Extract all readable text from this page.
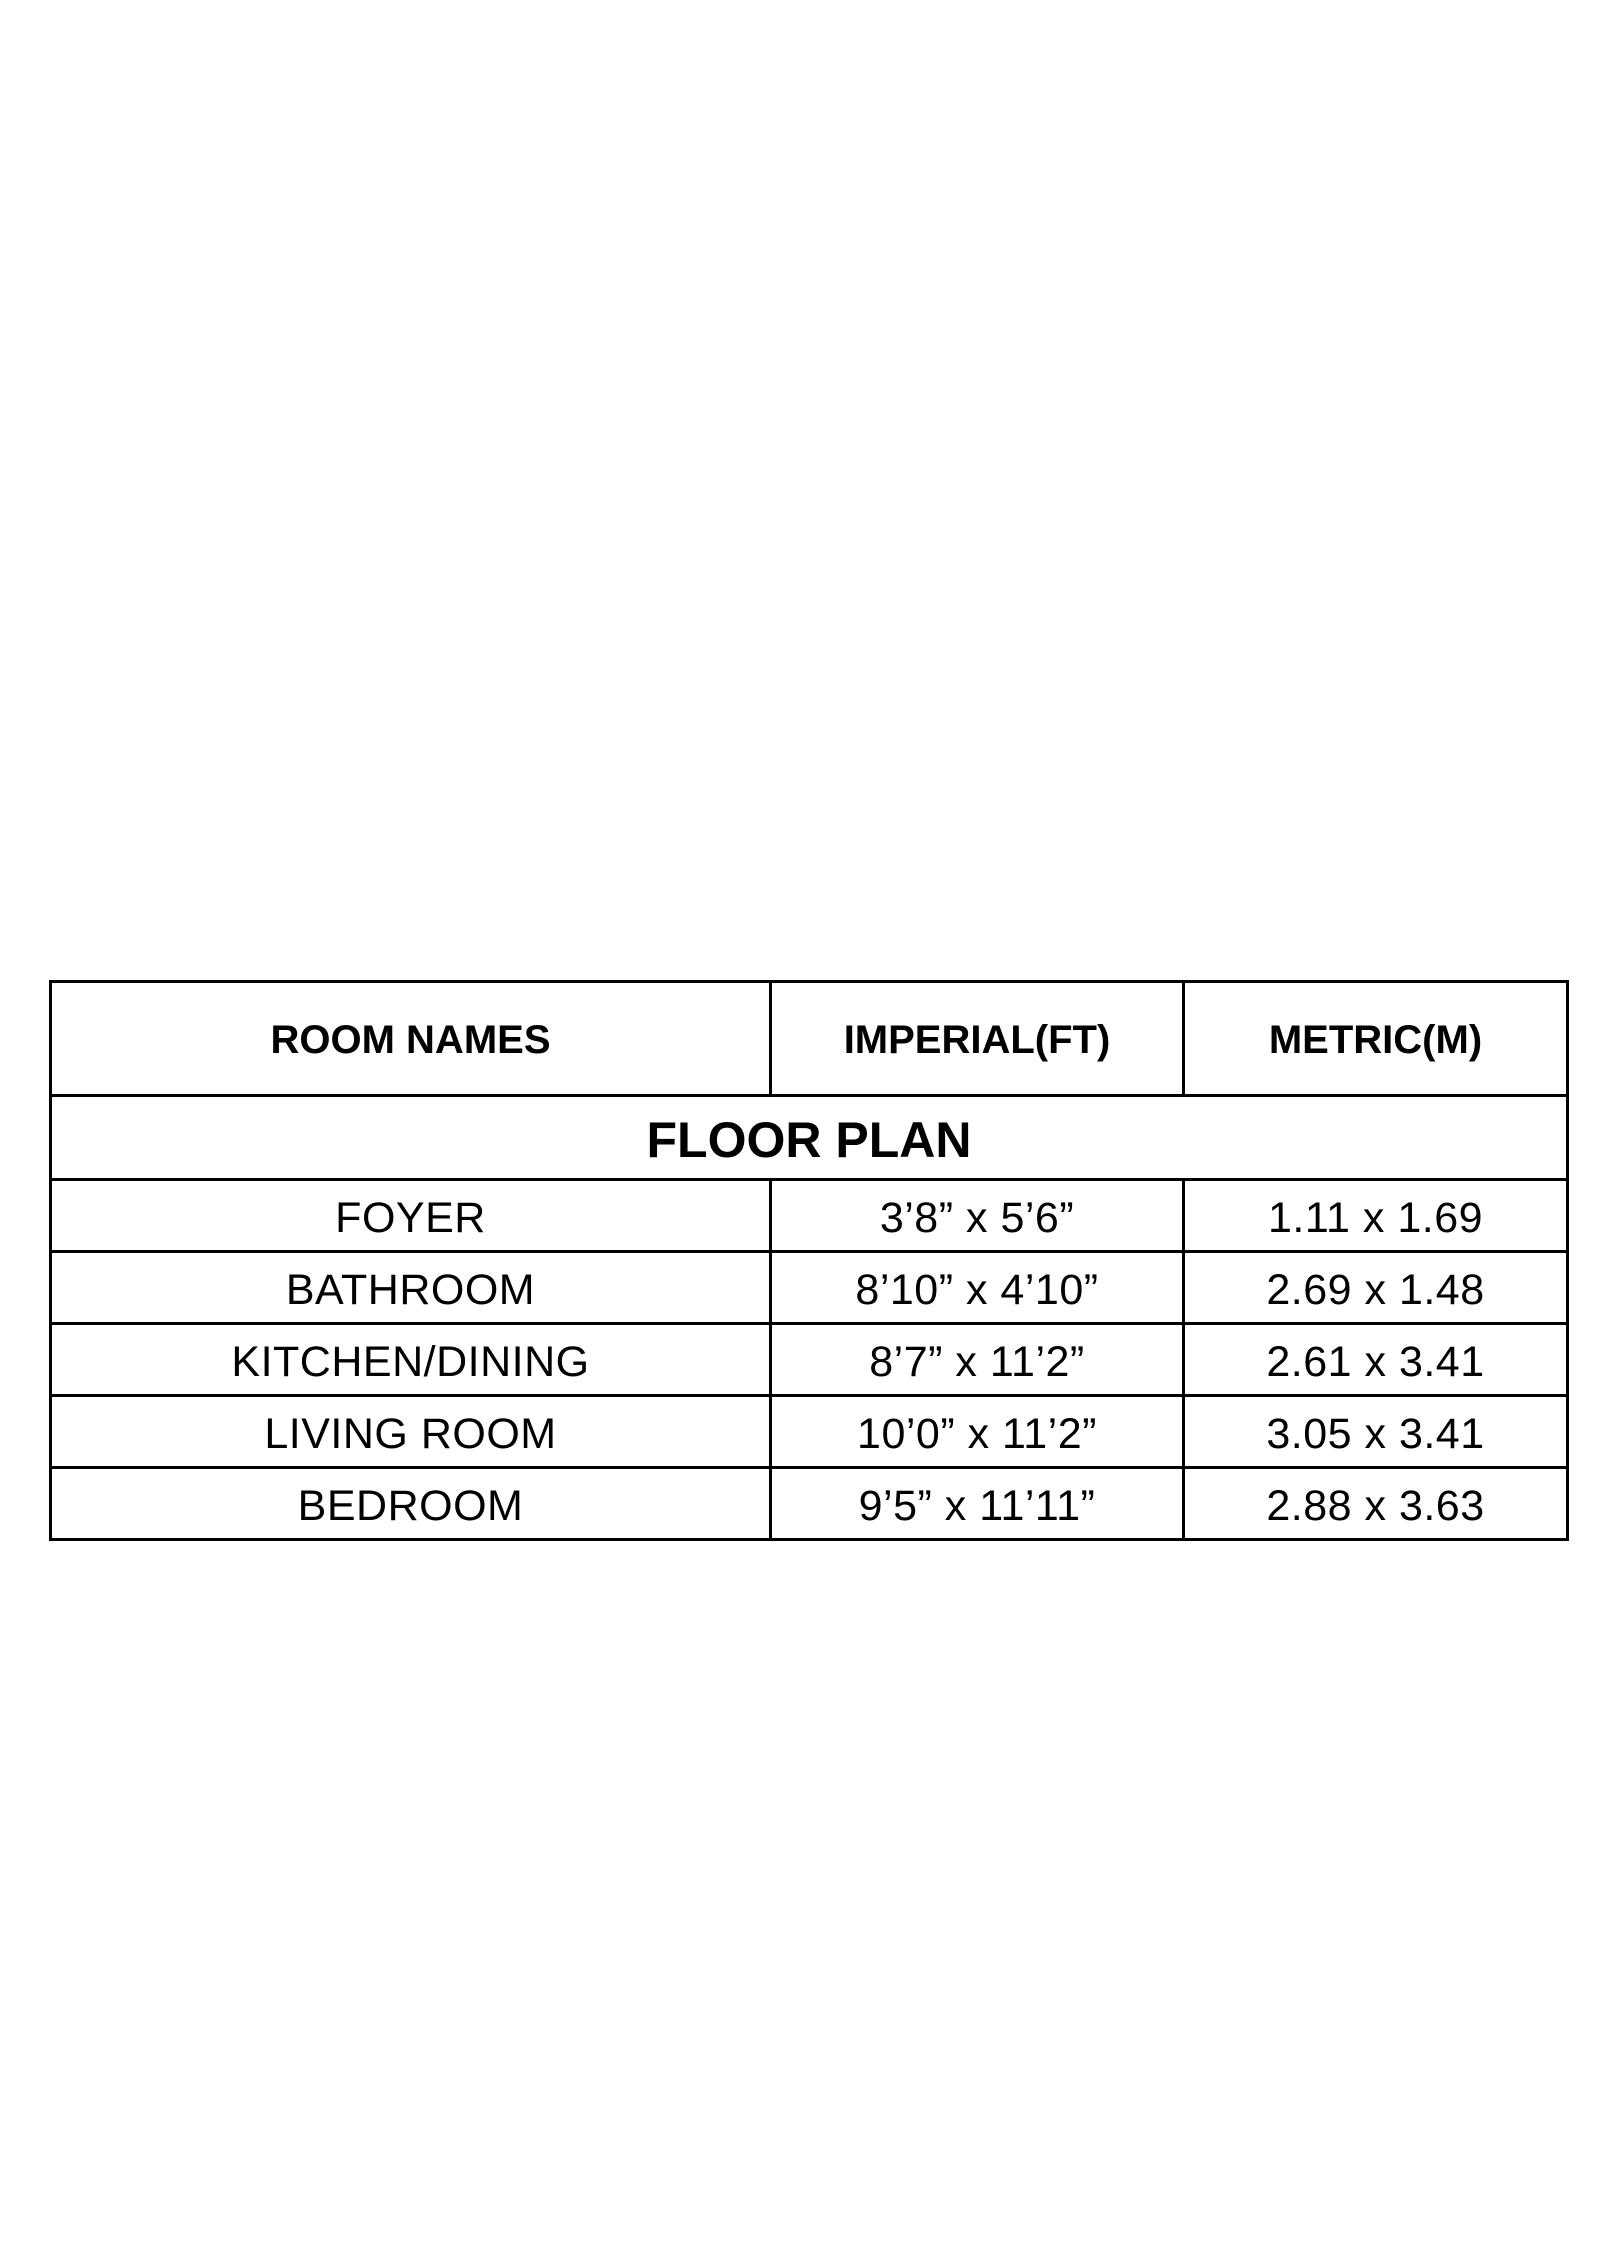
ROOM NAMES	IMPERIAL(FT)	METRIC(M)
FLOOR PLAN		
FOYER	3’8” x 5’6”	1.11 x 1.69
BATHROOM	8’10” x 4’10”	2.69 x 1.48
KITCHEN/DINING	8’7” x 11’2”	2.61 x 3.41
LIVING ROOM	10’0” x 11’2”	3.05 x 3.41
BEDROOM	9’5” x 11’11”	2.88 x 3.63
